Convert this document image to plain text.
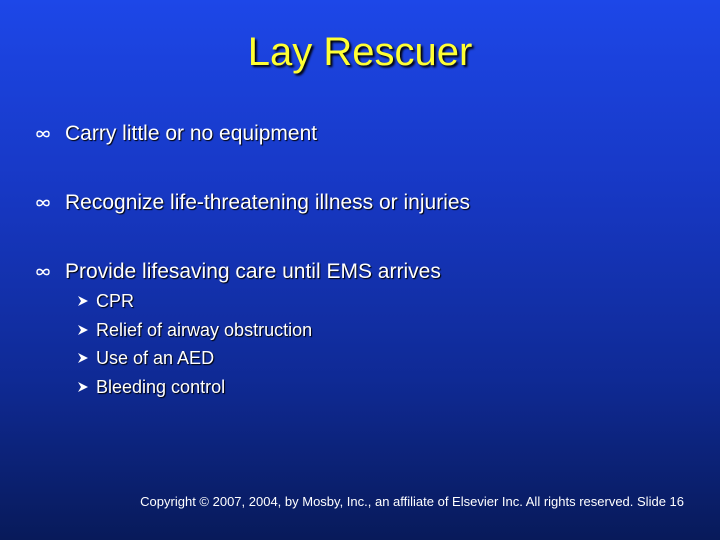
Lay Rescuer
Carry little or no equipment
Recognize life-threatening illness or injuries
Provide lifesaving care until EMS arrives
CPR
Relief of airway obstruction
Use of an AED
Bleeding control
Copyright © 2007, 2004, by Mosby, Inc., an affiliate of Elsevier Inc. All rights reserved. Slide 16
